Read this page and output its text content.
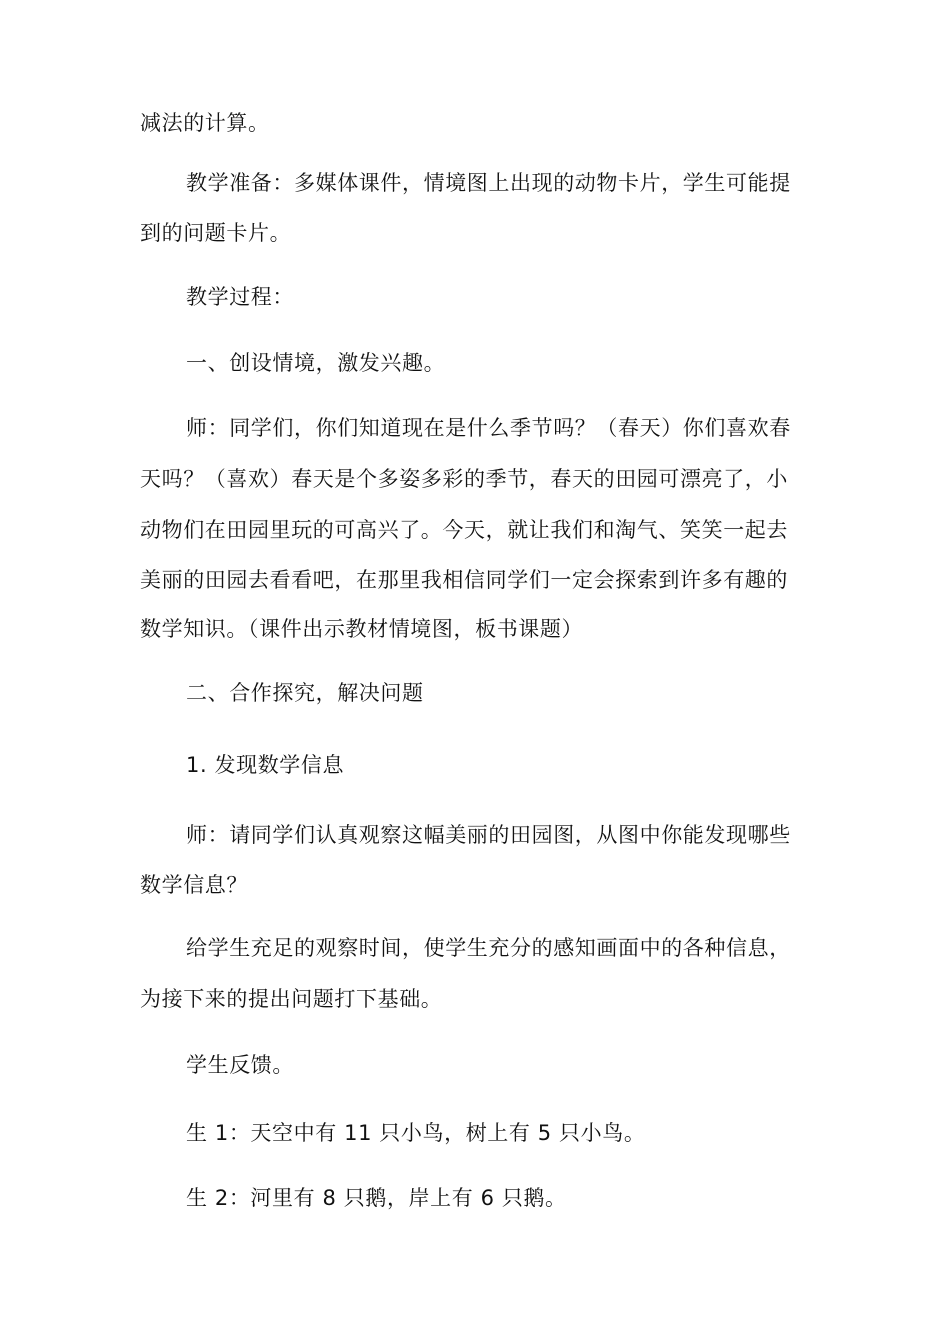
减法的计算。
教学准备：多媒体课件，情境图上出现的动物卡片，学生可能提
到的问题卡片。
教学过程：
一、创设情境，激发兴趣。
师：同学们，你们知道现在是什么季节吗？（春天）你们喜欢春
天吗？（喜欢）春天是个多姿多彩的季节，春天的田园可漂亮了，小
动物们在田园里玩的可高兴了。今天，就让我们和淘气、笑笑一起去
美丽的田园去看看吧，在那里我相信同学们一定会探索到许多有趣的
数学知识。（课件出示教材情境图，板书课题）
二、合作探究，解决问题
1. 发现数学信息
师：请同学们认真观察这幅美丽的田园图，从图中你能发现哪些
数学信息？
给学生充足的观察时间，使学生充分的感知画面中的各种信息，
为接下来的提出问题打下基础。
学生反馈。
生 1：天空中有 11 只小鸟，树上有 5 只小鸟。
生 2：河里有 8 只鹅，岸上有 6 只鹅。
